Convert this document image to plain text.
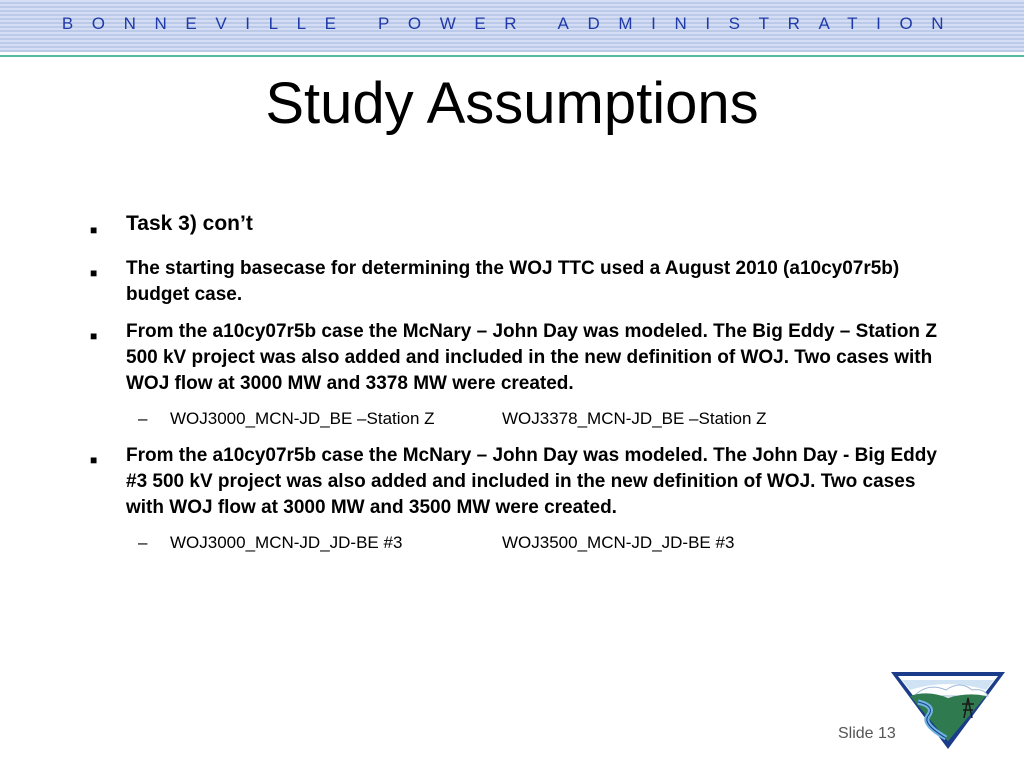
BONNEVILLE POWER ADMINISTRATION
Study Assumptions
■ Task 3) con’t
■ The starting basecase for determining the WOJ TTC used a August 2010 (a10cy07r5b) budget case.
■ From the a10cy07r5b case the McNary – John Day was modeled. The Big Eddy – Station Z 500 kV project was also added and included in the new definition of WOJ. Two cases with WOJ flow at 3000 MW and 3378 MW were created.
– WOJ3000_MCN-JD_BE –Station Z	WOJ3378_MCN-JD_BE –Station Z
■ From the a10cy07r5b case the McNary – John Day was modeled. The John Day - Big Eddy #3 500 kV project was also added and included in the new definition of WOJ. Two cases with WOJ flow at 3000 MW and 3500 MW were created.
– WOJ3000_MCN-JD_JD-BE #3	WOJ3500_MCN-JD_JD-BE #3
Slide 13
